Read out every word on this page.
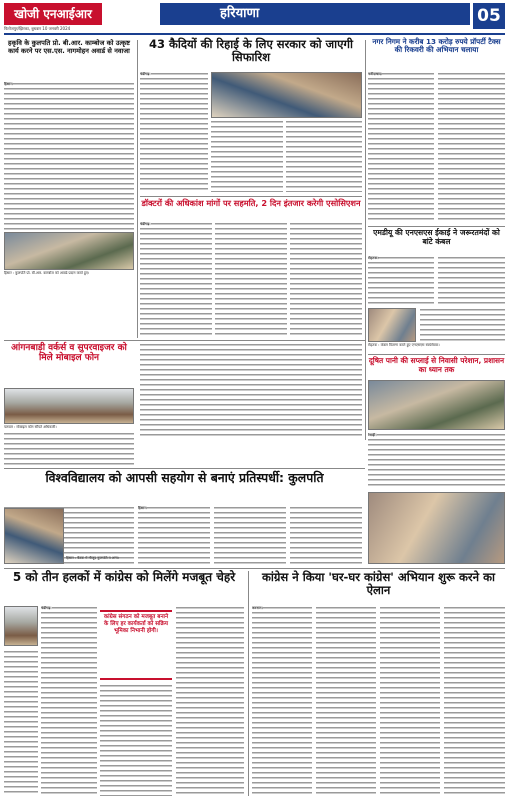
खोजी एनआईआर
फिरोजपुर/झिरका, बुधवार 10 जनवरी 2024
हरियाणा	05
हकृवि के कुलपति प्रो. बी.आर. काम्बोज को उत्कृष्ट कार्य करने पर एस.एस. नागमोहन अवार्ड से नवाजा
हिसार।
हिसार : कुलपति प्रो. बी.आर. काम्बोज को अवार्ड प्रदान करते हुए।
43 कैदियों की रिहाई के लिए सरकार को जाएगी सिफारिश
चंडीगढ़।
डॉक्टरों की अधिकांश मांगों पर सहमति, 2 दिन इंतजार करेगी एसोसिएशन
चंडीगढ़।
नगर निगम ने करीब 13 करोड़ रुपये प्रॉपर्टी टैक्स की रिकवरी की अभियान चलाया
फरीदाबाद।
एमडीयू की एनएसएस ईकाई ने जरूरतमंदों को बांटे कंबल
रोहतक।
रोहतक : कंबल वितरण करते हुए एनएसएस स्वयंसेवक।
आंगनबाड़ी वर्कर्स व सुपरवाइजर को मिले मोबाइल फोन
पलवल : मोबाइल फोन सौंपते अधिकारी।
दूषित पानी की सप्लाई से निवासी परेशान, प्रशासन का ध्यान तक
रेवाड़ी।
विश्वविद्यालय को आपसी सहयोग से बनाएं प्रतिस्पर्धी: कुलपति
हिसार।
हिसार : बैठक में मौजूद कुलपति व अन्य।
5 को तीन हलकों में कांग्रेस को मिलेंगे मजबूत चेहरे
चंडीगढ़।
कांग्रेस संगठन को मजबूत बनाने के लिए हर कार्यकर्ता को सक्रिय भूमिका निभानी होगी।
कांग्रेस ने किया 'घर-घर कांग्रेस' अभियान शुरू करने का ऐलान
करनाल।
